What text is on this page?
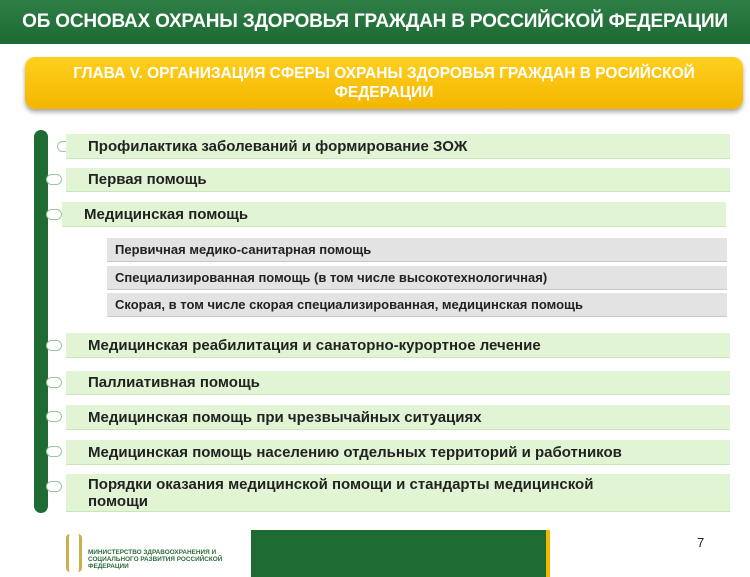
ОБ ОСНОВАХ ОХРАНЫ ЗДОРОВЬЯ ГРАЖДАН В РОССИЙСКОЙ ФЕДЕРАЦИИ
ГЛАВА V. ОРГАНИЗАЦИЯ СФЕРЫ ОХРАНЫ ЗДОРОВЬЯ ГРАЖДАН В РОСИЙСКОЙ ФЕДЕРАЦИИ
Профилактика заболеваний и формирование ЗОЖ
Первая помощь
Медицинская помощь
Медицинская реабилитация и санаторно-курортное лечение
Паллиативная помощь
Медицинская помощь при чрезвычайных ситуациях
Медицинская помощь населению отдельных территорий и работников
Порядки оказания медицинской помощи и стандарты медицинской помощи
Первичная медико-санитарная помощь
Специализированная помощь (в том числе высокотехнологичная)
Скорая, в том числе скорая специализированная, медицинская помощь
7
МИНИСТЕРСТВО ЗДРАВООХРАНЕНИЯ И СОЦИАЛЬНОГО РАЗВИТИЯ РОССИЙСКОЙ ФЕДЕРАЦИИ
